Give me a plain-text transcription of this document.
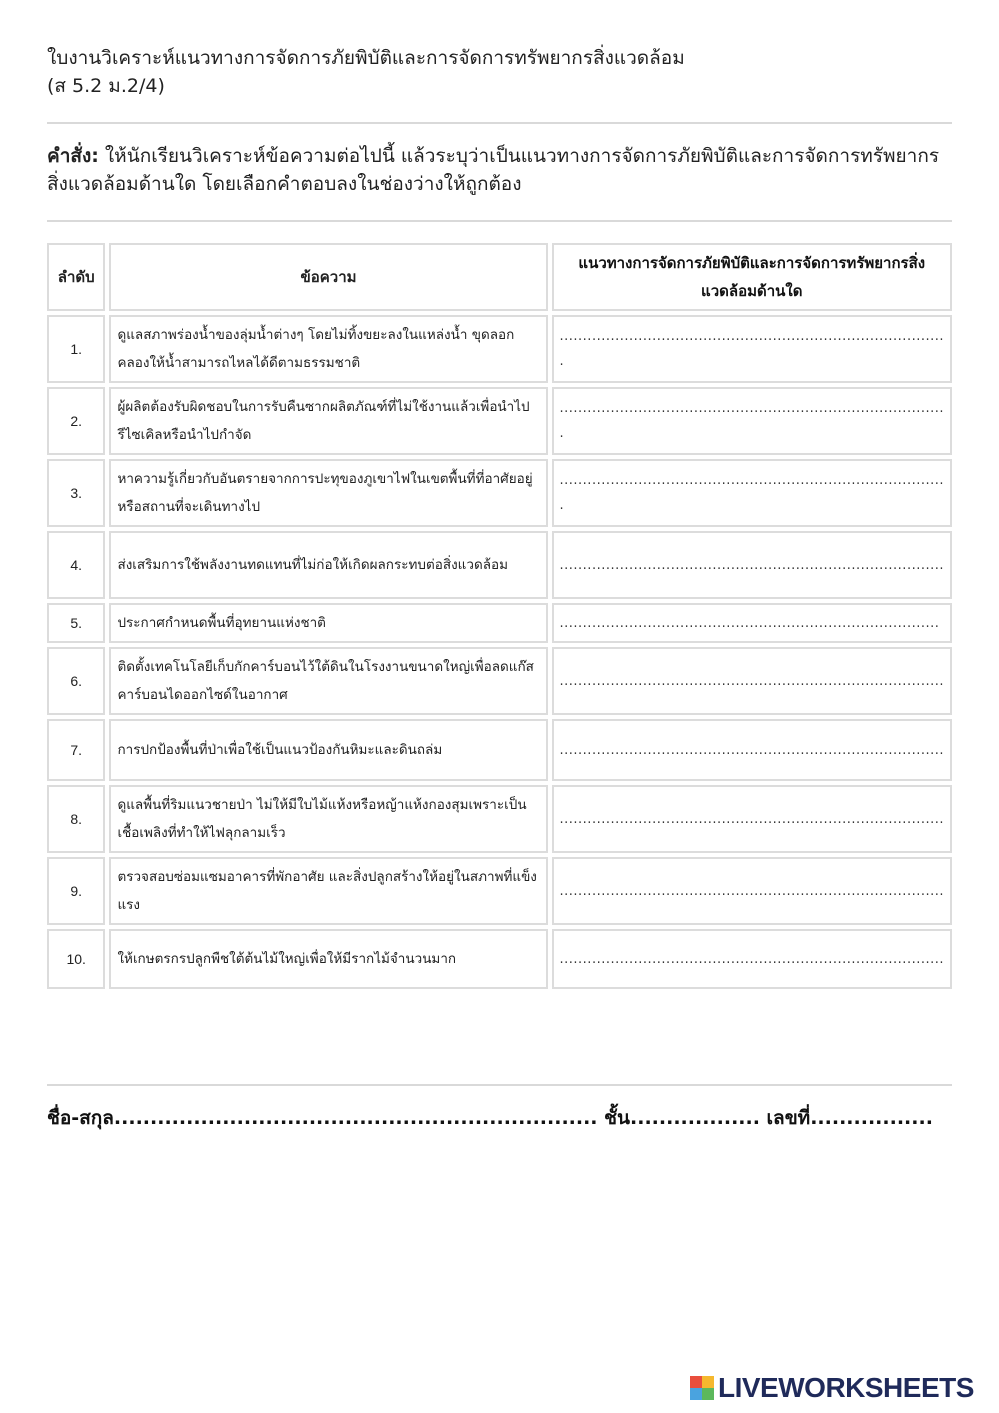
ใบงานวิเคราะห์แนวทางการจัดการภัยพิบัติและการจัดการทรัพยากรสิ่งแวดล้อม
(ส 5.2 ม.2/4)
คำสั่ง: ให้นักเรียนวิเคราะห์ข้อความต่อไปนี้ แล้วระบุว่าเป็นแนวทางการจัดการภัยพิบัติและการจัดการทรัพยากรสิ่งแวดล้อมด้านใด โดยเลือกคำตอบลงในช่องว่างให้ถูกต้อง
ลำดับ	ข้อความ	แนวทางการจัดการภัยพิบัติและการจัดการทรัพยากรสิ่งแวดล้อมด้านใด
1.	ดูแลสภาพร่องน้ำของลุ่มน้ำต่างๆ โดยไม่ทิ้งขยะลงในแหล่งน้ำ ขุดลอกคลองให้น้ำสามารถไหลได้ดีตามธรรมชาติ	...................................................................................
.

2.	ผู้ผลิตต้องรับผิดชอบในการรับคืนซากผลิตภัณฑ์ที่ไม่ใช้งานแล้วเพื่อนำไปรีไซเคิลหรือนำไปกำจัด	...................................................................................
.

3.	หาความรู้เกี่ยวกับอันตรายจากการปะทุของภูเขาไฟในเขตพื้นที่ที่อาศัยอยู่หรือสถานที่จะเดินทางไป	...................................................................................
.

4.	ส่งเสริมการใช้พลังงานทดแทนที่ไม่ก่อให้เกิดผลกระทบต่อสิ่งแวดล้อม	...................................................................................

5.	ประกาศกำหนดพื้นที่อุทยานแห่งชาติ	..................................................................................

6.	ติดตั้งเทคโนโลยีเก็บกักคาร์บอนไว้ใต้ดินในโรงงานขนาดใหญ่เพื่อลดแก๊สคาร์บอนไดออกไซด์ในอากาศ	...................................................................................

7.	การปกป้องพื้นที่ป่าเพื่อใช้เป็นแนวป้องกันหิมะและดินถล่ม	...................................................................................

8.	ดูแลพื้นที่ริมแนวชายป่า ไม่ให้มีใบไม้แห้งหรือหญ้าแห้งกองสุมเพราะเป็นเชื้อเพลิงที่ทำให้ไฟลุกลามเร็ว	...................................................................................

9.	ตรวจสอบซ่อมแซมอาคารที่พักอาศัย และสิ่งปลูกสร้างให้อยู่ในสภาพที่แข็งแรง	...................................................................................

10.	ให้เกษตรกรปลูกพืชใต้ต้นไม้ใหญ่เพื่อให้มีรากไม้จำนวนมาก	...................................................................................
ชื่อ-สกุล................................................................... ชั้น.................. เลขที่.................
LIVEWORKSHEETS
